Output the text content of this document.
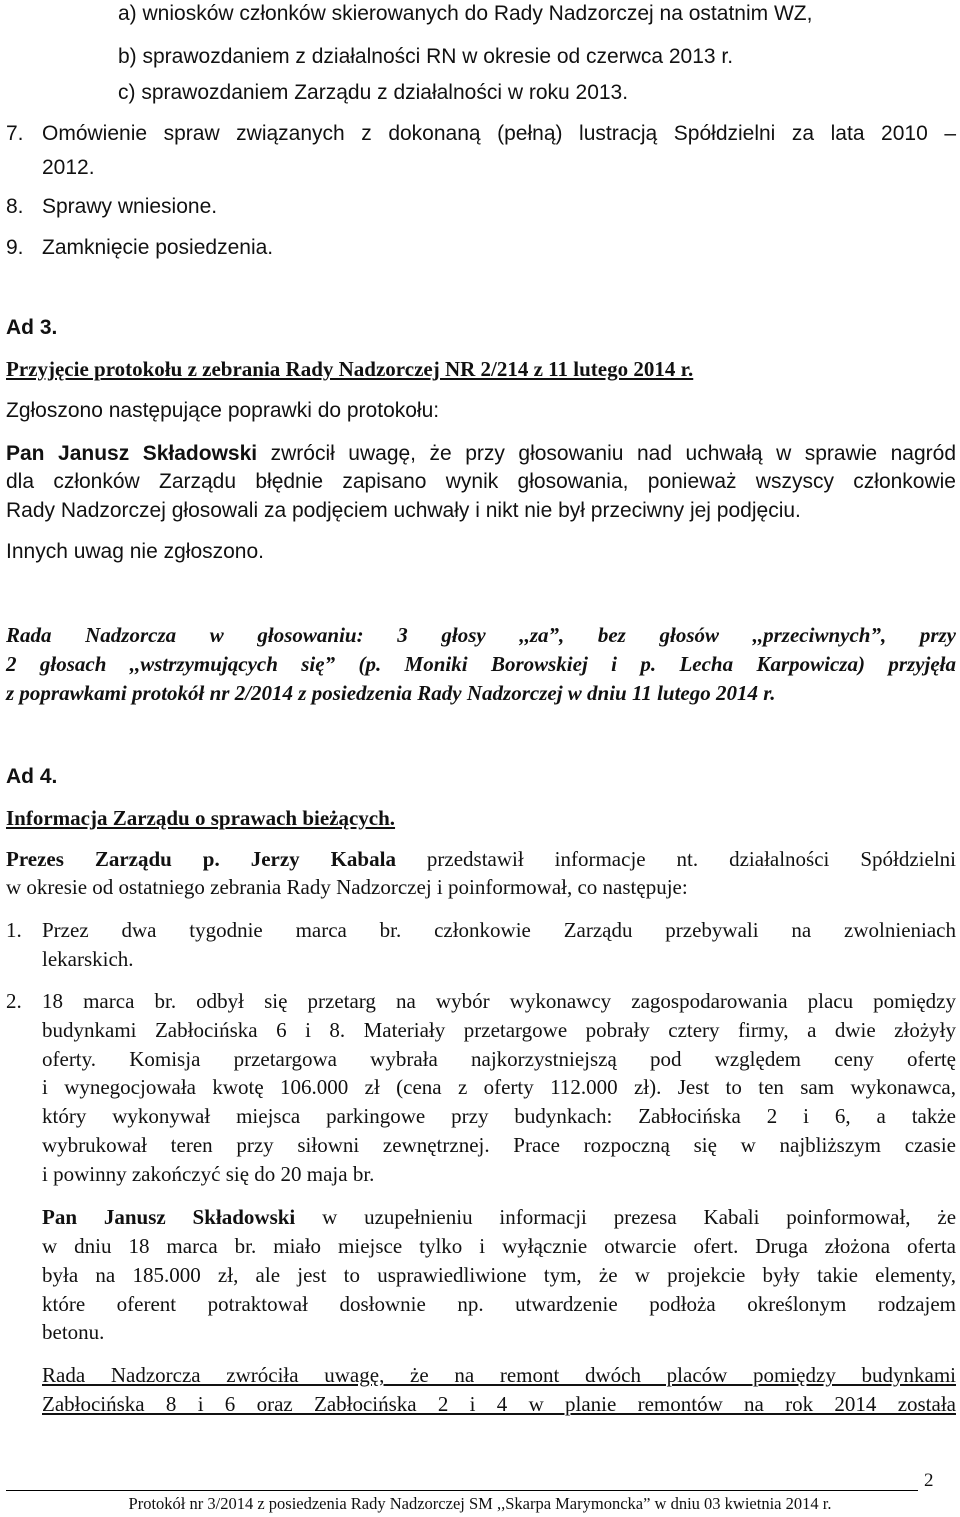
a) wniosków członków skierowanych do Rady Nadzorczej na ostatnim WZ,
b) sprawozdaniem z działalności RN w okresie od czerwca 2013 r.
c) sprawozdaniem Zarządu z działalności w roku 2013.
7. Omówienie spraw związanych z dokonaną (pełną) lustracją Spółdzielni za lata 2010 –
2012.
8. Sprawy wniesione.
9. Zamknięcie posiedzenia.
Ad 3.
Przyjęcie protokołu z zebrania Rady Nadzorczej NR 2/214 z 11 lutego 2014 r.
Zgłoszono następujące poprawki do protokołu:
Pan Janusz Składowski zwrócił uwagę, że przy głosowaniu nad uchwałą w sprawie nagród
dla członków Zarządu błędnie zapisano wynik głosowania, ponieważ wszyscy członkowie
Rady Nadzorczej głosowali za podjęciem uchwały i nikt nie był przeciwny jej podjęciu.
Innych uwag nie zgłoszono.
Rada Nadzorcza w głosowaniu: 3 głosy ,,za”, bez głosów ,,przeciwnych”, przy
2 głosach ,,wstrzymujących się” (p. Moniki Borowskiej i p. Lecha Karpowicza) przyjęła
z poprawkami protokół nr 2/2014 z posiedzenia Rady Nadzorczej w dniu 11 lutego 2014 r.
Ad 4.
Informacja Zarządu o sprawach bieżących.
Prezes Zarządu p. Jerzy Kabala przedstawił informacje nt. działalności Spółdzielni
w okresie od ostatniego zebrania Rady Nadzorczej i poinformował, co następuje:
1. Przez dwa tygodnie marca br. członkowie Zarządu przebywali na zwolnieniach
lekarskich.
2. 18 marca br. odbył się przetarg na wybór wykonawcy zagospodarowania placu pomiędzy
budynkami Zabłocińska 6 i 8. Materiały przetargowe pobrały cztery firmy, a dwie złożyły
oferty. Komisja przetargowa wybrała najkorzystniejszą pod względem ceny ofertę
i wynegocjowała kwotę 106.000 zł (cena z oferty 112.000 zł). Jest to ten sam wykonawca,
który wykonywał miejsca parkingowe przy budynkach: Zabłocińska 2 i 6, a także
wybrukował teren przy siłowni zewnętrznej. Prace rozpoczną się w najbliższym czasie
i powinny zakończyć się do 20 maja br.
Pan Janusz Składowski w uzupełnieniu informacji prezesa Kabali poinformował, że
w dniu 18 marca br. miało miejsce tylko i wyłącznie otwarcie ofert. Druga złożona oferta
była na 185.000 zł, ale jest to usprawiedliwione tym, że w projekcie były takie elementy,
które oferent potraktował dosłownie np. utwardzenie podłoża określonym rodzajem
betonu.
Rada Nadzorcza zwróciła uwagę, że na remont dwóch placów pomiędzy budynkami
Zabłocińska 8 i 6 oraz Zabłocińska 2 i 4 w planie remontów na rok 2014 została
2
Protokół nr 3/2014 z posiedzenia Rady Nadzorczej SM ,,Skarpa Marymoncka” w dniu 03 kwietnia 2014 r.
